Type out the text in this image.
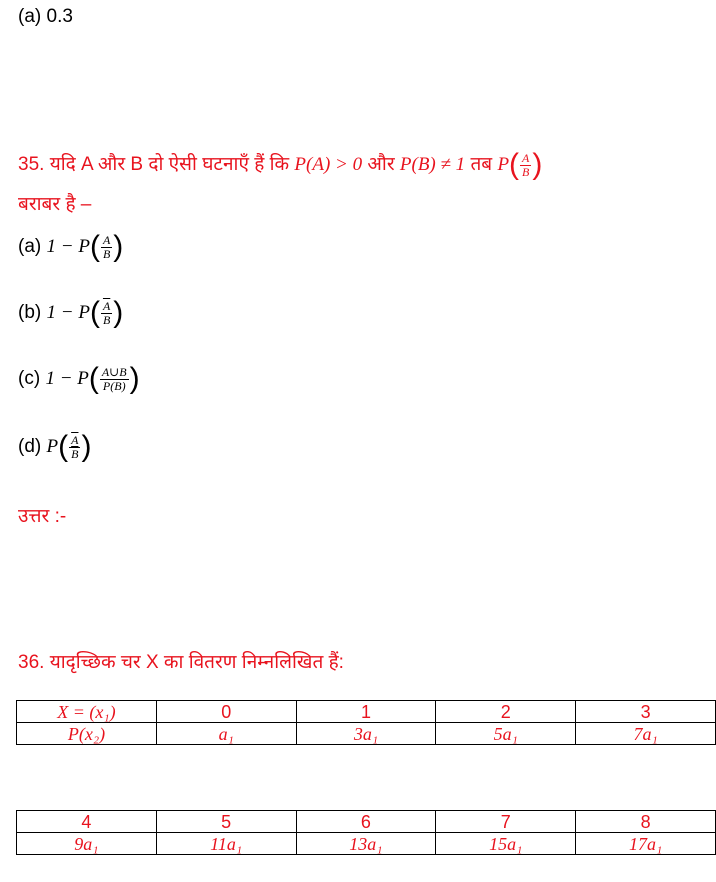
(a) 0.3
35. यदि A और B दो ऐसी घटनाएँ हैं कि P(A) > 0 और P(B) ≠ 1 तब $P( \frac{A}{B}$ )
बराबर है –
(a) $1 - P( \frac{A}{B}$ )
(b) $1 - P( \frac{\overline{A}}{B}$ )
(c) $1 - P( \frac{A\cup B}{P(B)}$ )
(d) $P( \frac{\overline{A}}{B}$ )
उत्तर :-
36. यादृच्छिक चर X का वितरण निम्नलिखित हैं:
X = (x₁)	0	1	2	3
P(x₂)	a₁	3a₁	5a₁	7a₁
4	5	6	7	8
9a₁	11a₁	13a₁	15a₁	17a₁
